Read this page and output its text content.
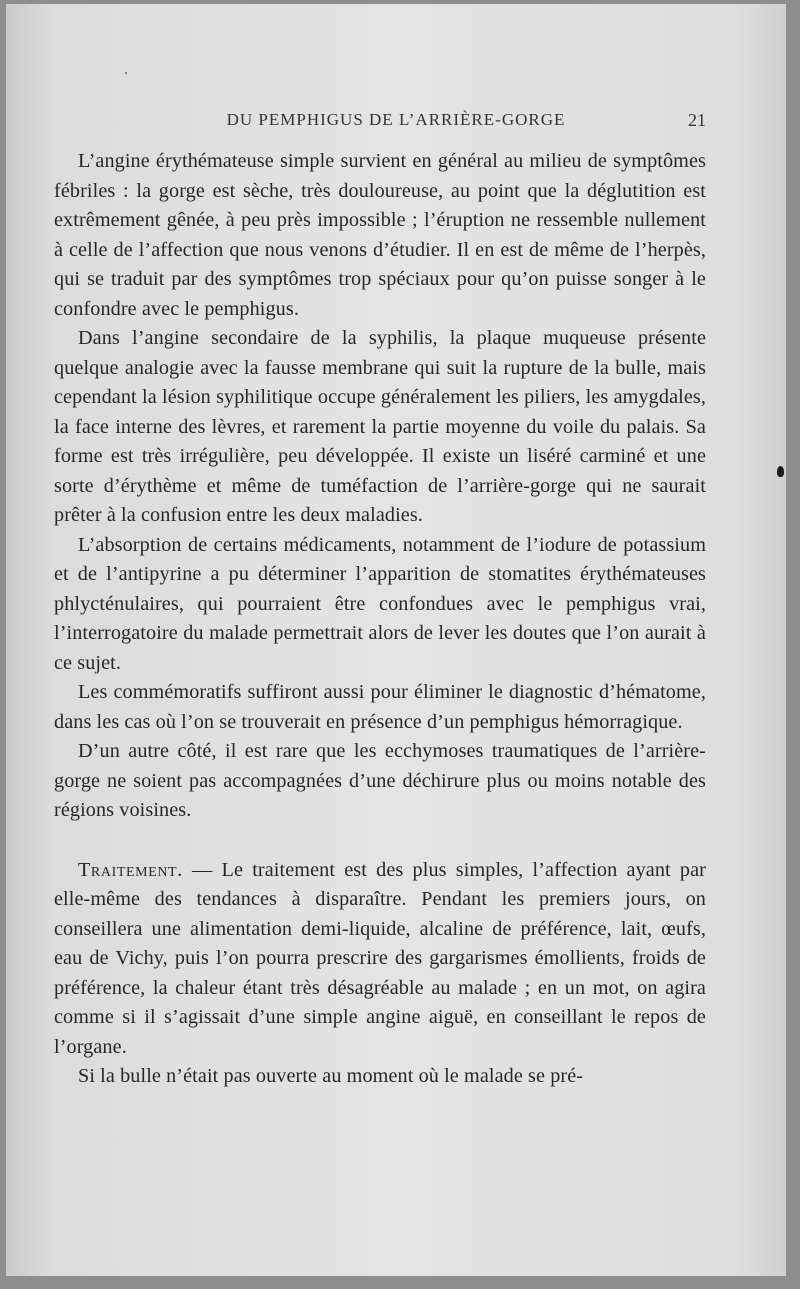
DU PEMPHIGUS DE L’ARRIÈRE-GORGE	21

L’angine érythémateuse simple survient en général au milieu de symptômes fébriles : la gorge est sèche, très douloureuse, au point que la déglutition est extrêmement gênée, à peu près impossible ; l’éruption ne ressemble nullement à celle de l’affection que nous venons d’étudier. Il en est de même de l’herpès, qui se traduit par des symptômes trop spéciaux pour qu’on puisse songer à le confondre avec le pemphigus.

Dans l’angine secondaire de la syphilis, la plaque muqueuse présente quelque analogie avec la fausse membrane qui suit la rupture de la bulle, mais cependant la lésion syphilitique occupe généralement les piliers, les amygdales, la face interne des lèvres, et rarement la partie moyenne du voile du palais. Sa forme est très irrégulière, peu développée. Il existe un liséré carminé et une sorte d’érythème et même de tuméfaction de l’arrière-gorge qui ne saurait prêter à la confusion entre les deux maladies.

L’absorption de certains médicaments, notamment de l’iodure de potassium et de l’antipyrine a pu déterminer l’apparition de stomatites érythémateuses phlycténulaires, qui pourraient être confondues avec le pemphigus vrai, l’interrogatoire du malade permettrait alors de lever les doutes que l’on aurait à ce sujet.

Les commémoratifs suffiront aussi pour éliminer le diagnostic d’hématome, dans les cas où l’on se trouverait en présence d’un pemphigus hémorragique.

D’un autre côté, il est rare que les ecchymoses traumatiques de l’arrière-gorge ne soient pas accompagnées d’une déchirure plus ou moins notable des régions voisines.

Traitement. — Le traitement est des plus simples, l’affection ayant par elle-même des tendances à disparaître. Pendant les premiers jours, on conseillera une alimentation demi-liquide, alcaline de préférence, lait, œufs, eau de Vichy, puis l’on pourra prescrire des gargarismes émollients, froids de préférence, la chaleur étant très désagréable au malade ; en un mot, on agira comme si il s’agissait d’une simple angine aiguë, en conseillant le repos de l’organe.

Si la bulle n’était pas ouverte au moment où le malade se pré-
